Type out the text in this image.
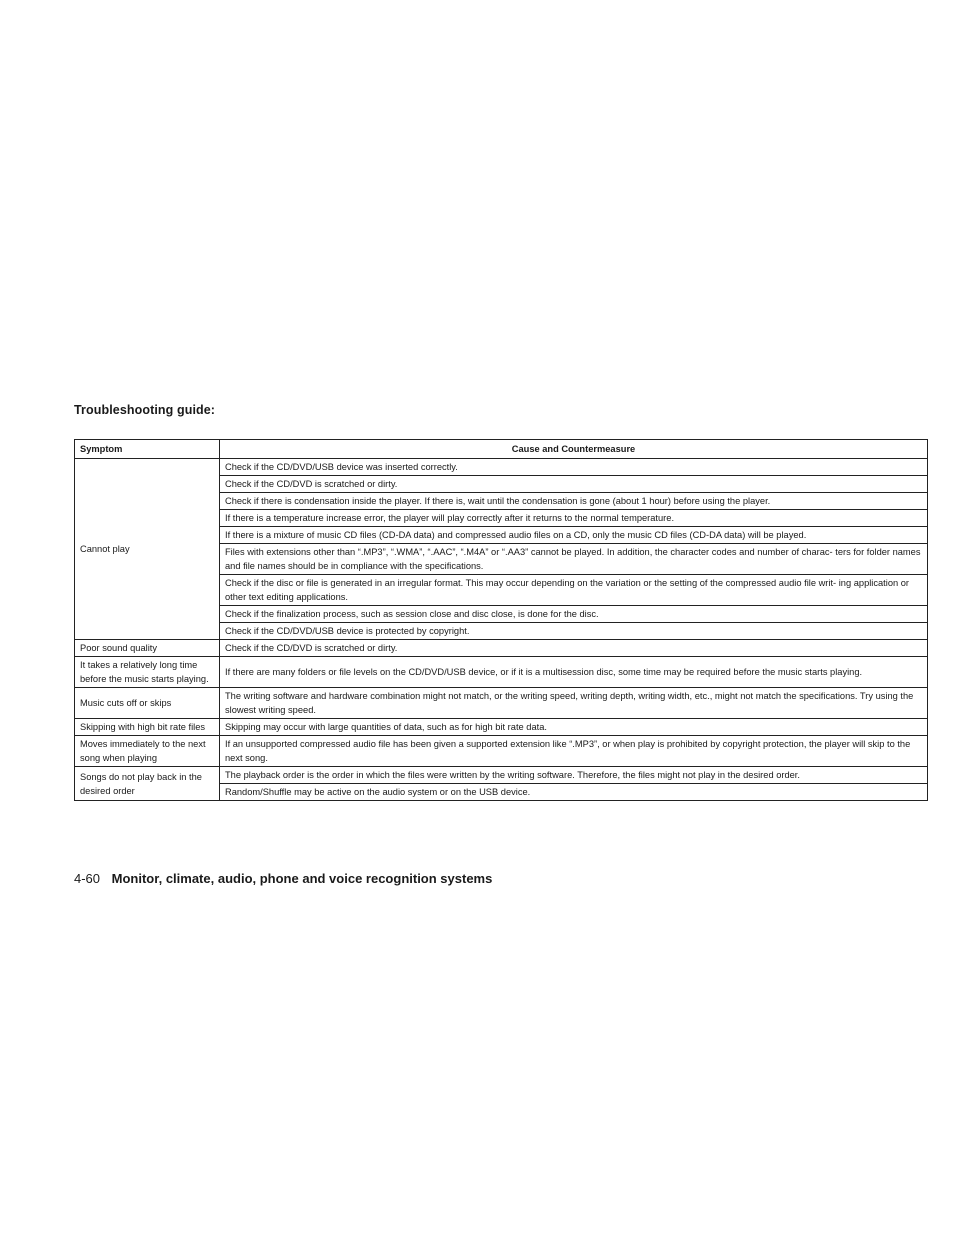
Troubleshooting guide:
Symptom	Cause and Countermeasure
Cannot play	Check if the CD/DVD/USB device was inserted correctly.
	Check if the CD/DVD is scratched or dirty.
	Check if there is condensation inside the player. If there is, wait until the condensation is gone (about 1 hour) before using the player.
	If there is a temperature increase error, the player will play correctly after it returns to the normal temperature.
	If there is a mixture of music CD files (CD-DA data) and compressed audio files on a CD, only the music CD files (CD-DA data) will be played.
	Files with extensions other than “.MP3”, “.WMA”, “.AAC”, “.M4A” or “.AA3” cannot be played. In addition, the character codes and number of charac- ters for folder names and file names should be in compliance with the specifications.
	Check if the disc or file is generated in an irregular format. This may occur depending on the variation or the setting of the compressed audio file writ- ing application or other text editing applications.
	Check if the finalization process, such as session close and disc close, is done for the disc.
	Check if the CD/DVD/USB device is protected by copyright.
Poor sound quality	Check if the CD/DVD is scratched or dirty.
It takes a relatively long time before the music starts playing.	If there are many folders or file levels on the CD/DVD/USB device, or if it is a multisession disc, some time may be required before the music starts playing.
Music cuts off or skips	The writing software and hardware combination might not match, or the writing speed, writing depth, writing width, etc., might not match the specifications. Try using the slowest writing speed.
Skipping with high bit rate files	Skipping may occur with large quantities of data, such as for high bit rate data.
Moves immediately to the next song when playing	If an unsupported compressed audio file has been given a supported extension like “.MP3”, or when play is prohibited by copyright protection, the player will skip to the next song.
Songs do not play back in the desired order	The playback order is the order in which the files were written by the writing software. Therefore, the files might not play in the desired order.
	Random/Shuffle may be active on the audio system or on the USB device.
4-60 Monitor, climate, audio, phone and voice recognition systems
